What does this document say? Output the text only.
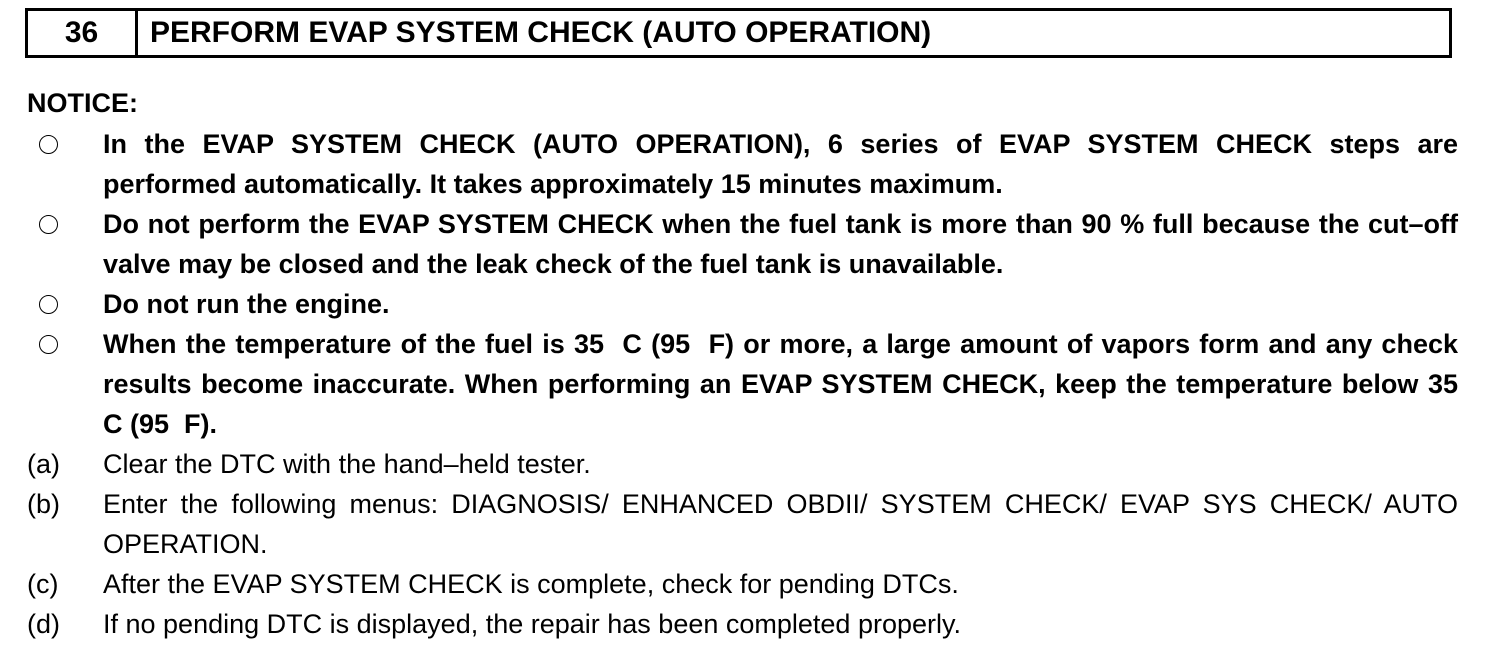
36	PERFORM EVAP SYSTEM CHECK (AUTO OPERATION)
NOTICE:
In the EVAP SYSTEM CHECK (AUTO OPERATION), 6 series of EVAP SYSTEM CHECK steps are performed automatically. It takes approximately 15 minutes maximum.
Do not perform the EVAP SYSTEM CHECK when the fuel tank is more than 90 % full because the cut–off valve may be closed and the leak check of the fuel tank is unavailable.
Do not run the engine.
When the temperature of the fuel is 35  C (95  F) or more, a large amount of vapors form and any check results become inaccurate. When performing an EVAP SYSTEM CHECK, keep the temperature below 35  C (95  F).
(a)	Clear the DTC with the hand–held tester.
(b)	Enter the following menus: DIAGNOSIS/ ENHANCED OBDII/ SYSTEM CHECK/ EVAP SYS CHECK/ AUTO OPERATION.
(c)	After the EVAP SYSTEM CHECK is complete, check for pending DTCs.
(d)	If no pending DTC is displayed, the repair has been completed properly.
